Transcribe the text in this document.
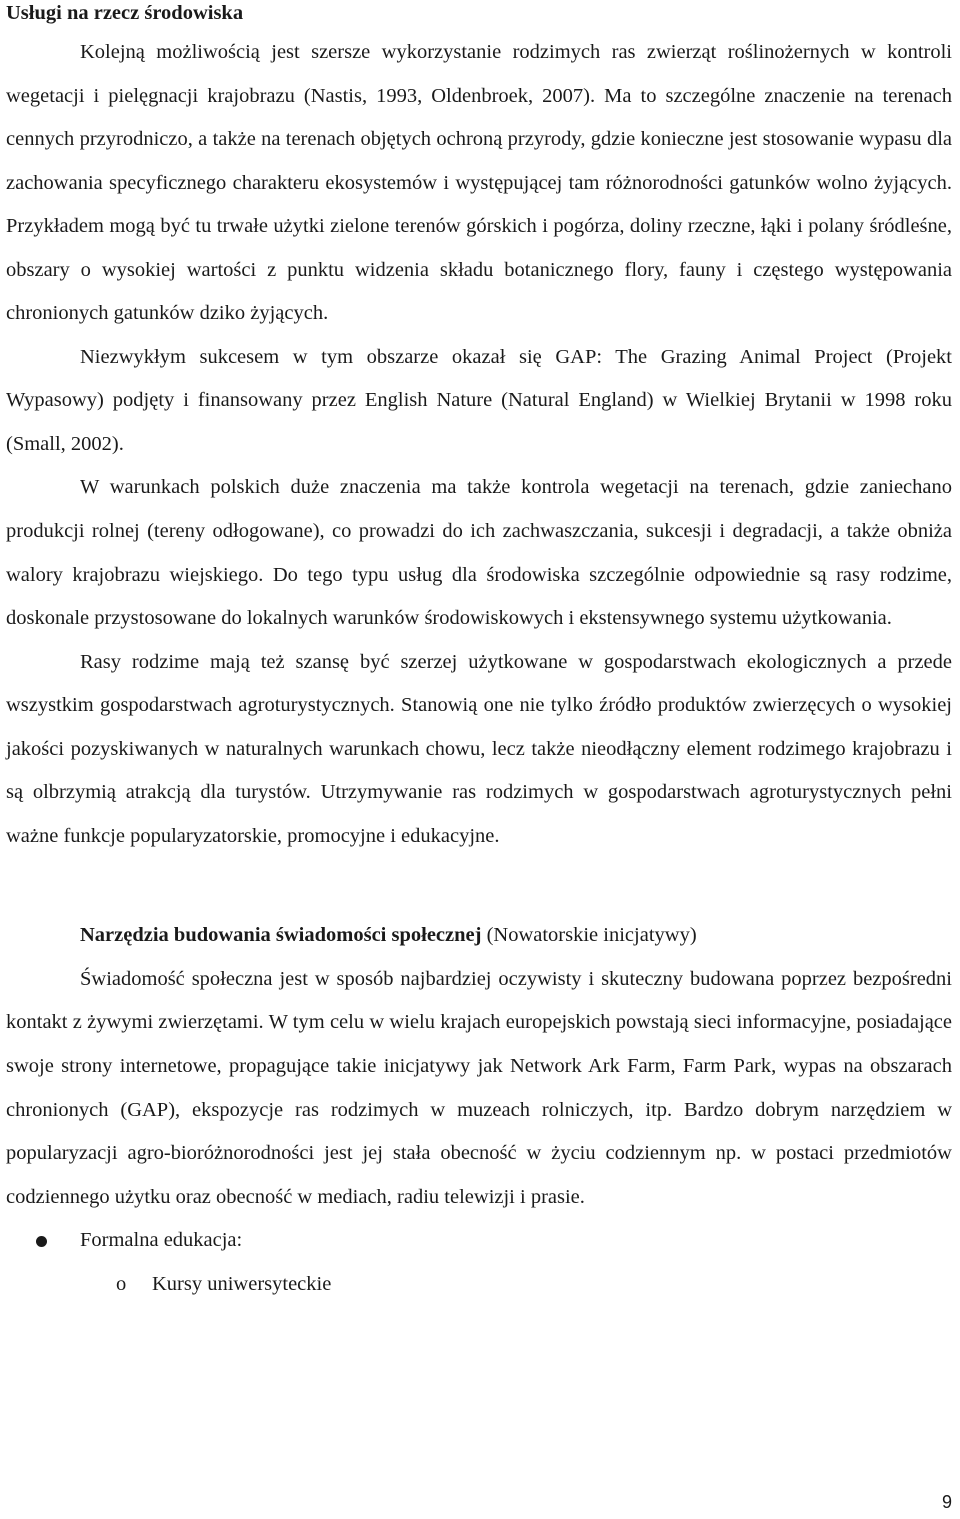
Usługi na rzecz środowiska

Kolejną możliwością jest szersze wykorzystanie rodzimych ras zwierząt roślinożernych w kontroli wegetacji i pielęgnacji krajobrazu (Nastis, 1993, Oldenbroek, 2007). Ma to szczególne znaczenie na terenach cennych przyrodniczo, a także na terenach objętych ochroną przyrody, gdzie konieczne jest stosowanie wypasu dla zachowania specyficznego charakteru ekosystemów i występującej tam różnorodności gatunków wolno żyjących. Przykładem mogą być tu trwałe użytki zielone terenów górskich i pogórza, doliny rzeczne, łąki i polany śródleśne, obszary o wysokiej wartości z punktu widzenia składu botanicznego flory, fauny i częstego występowania chronionych gatunków dziko żyjących.

Niezwykłym sukcesem w tym obszarze okazał się GAP: The Grazing Animal Project (Projekt Wypasowy) podjęty i finansowany przez English Nature (Natural England) w Wielkiej Brytanii w 1998 roku (Small, 2002).

W warunkach polskich duże znaczenia ma także kontrola wegetacji na terenach, gdzie zaniechano produkcji rolnej (tereny odłogowane), co prowadzi do ich zachwaszczania, sukcesji i degradacji, a także obniża walory krajobrazu wiejskiego. Do tego typu usług dla środowiska szczególnie odpowiednie są rasy rodzime, doskonale przystosowane do lokalnych warunków środowiskowych i ekstensywnego systemu użytkowania.

Rasy rodzime mają też szansę być szerzej użytkowane w gospodarstwach ekologicznych a przede wszystkim gospodarstwach agroturystycznych. Stanowią one nie tylko źródło produktów zwierzęcych o wysokiej jakości pozyskiwanych w naturalnych warunkach chowu, lecz także nieodłączny element rodzimego krajobrazu i są olbrzymią atrakcją dla turystów. Utrzymywanie ras rodzimych w gospodarstwach agroturystycznych pełni ważne funkcje popularyzatorskie, promocyjne i edukacyjne.

Narzędzia budowania świadomości społecznej (Nowatorskie inicjatywy)

Świadomość społeczna jest w sposób najbardziej oczywisty i skuteczny budowana poprzez bezpośredni kontakt z żywymi zwierzętami. W tym celu w wielu krajach europejskich powstają sieci informacyjne, posiadające swoje strony internetowe, propagujące takie inicjatywy jak Network Ark Farm, Farm Park, wypas na obszarach chronionych (GAP), ekspozycje ras rodzimych w muzeach rolniczych, itp. Bardzo dobrym narzędziem w popularyzacji agro-bioróżnorodności jest jej stała obecność w życiu codziennym np. w postaci przedmiotów codziennego użytku oraz obecność w mediach, radiu telewizji i prasie.

Formalna edukacja:
o Kursy uniwersyteckie
9
